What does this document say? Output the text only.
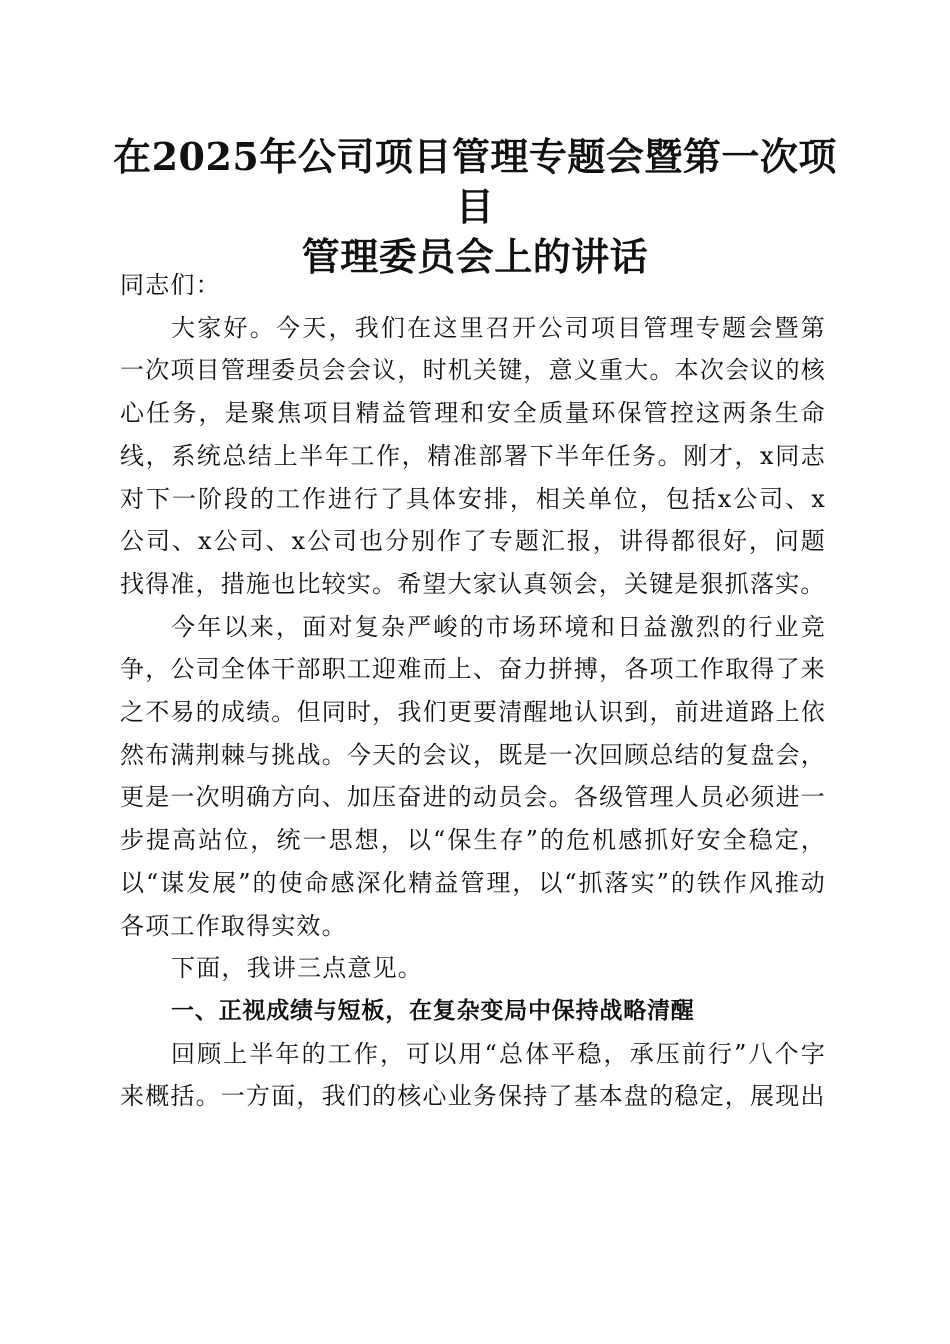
在2025年公司项目管理专题会暨第一次项目
管理委员会上的讲话

同志们：

大家好。今天，我们在这里召开公司项目管理专题会暨第一次项目管理委员会会议，时机关键，意义重大。本次会议的核心任务，是聚焦项目精益管理和安全质量环保管控这两条生命线，系统总结上半年工作，精准部署下半年任务。刚才，x同志对下一阶段的工作进行了具体安排，相关单位，包括x公司、x公司、x公司、x公司也分别作了专题汇报，讲得都很好，问题找得准，措施也比较实。希望大家认真领会，关键是狠抓落实。

今年以来，面对复杂严峻的市场环境和日益激烈的行业竞争，公司全体干部职工迎难而上、奋力拼搏，各项工作取得了来之不易的成绩。但同时，我们更要清醒地认识到，前进道路上依然布满荆棘与挑战。今天的会议，既是一次回顾总结的复盘会，更是一次明确方向、加压奋进的动员会。各级管理人员必须进一步提高站位，统一思想，以“保生存”的危机感抓好安全稳定，以“谋发展”的使命感深化精益管理，以“抓落实”的铁作风推动各项工作取得实效。

下面，我讲三点意见。

一、正视成绩与短板，在复杂变局中保持战略清醒

回顾上半年的工作，可以用“总体平稳，承压前行”八个字来概括。一方面，我们的核心业务保持了基本盘的稳定，展现出
